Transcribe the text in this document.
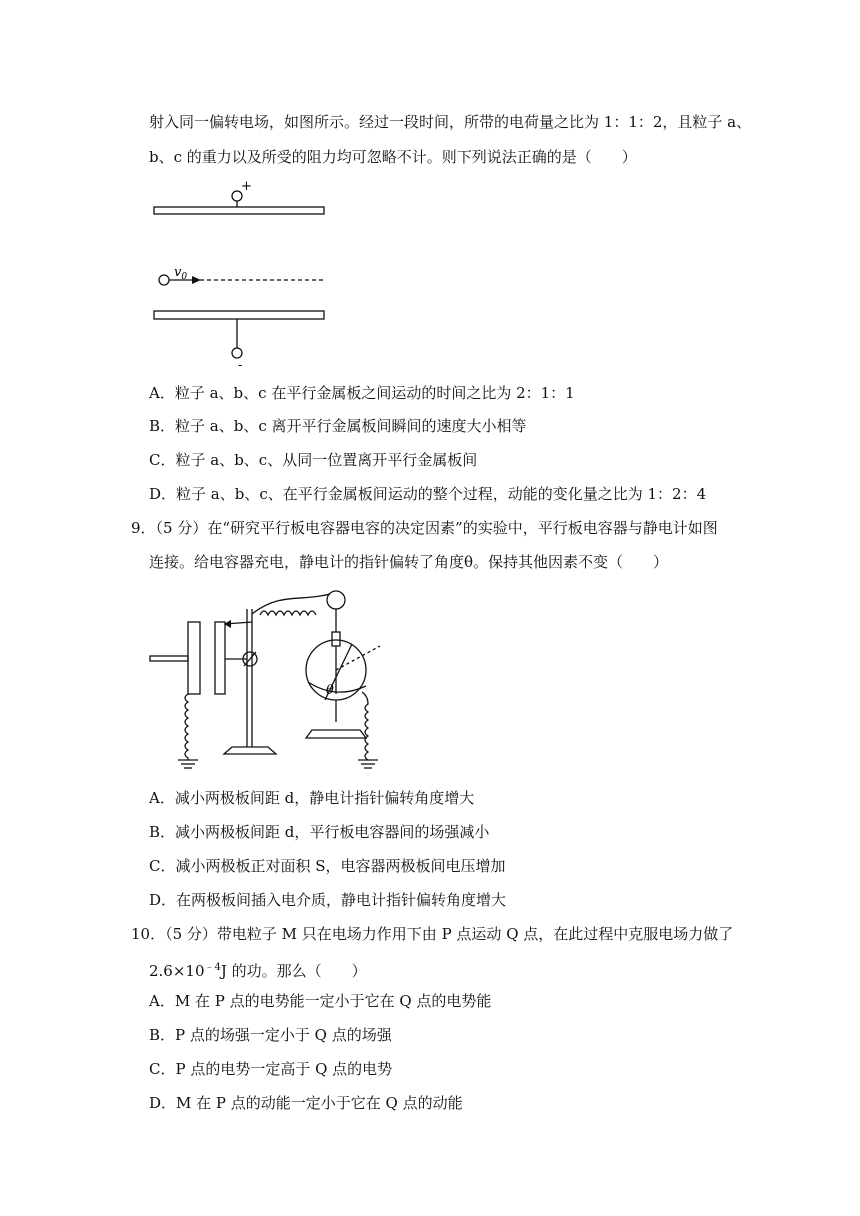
射入同一偏转电场，如图所示。经过一段时间，所带的电荷量之比为 1：1：2，且粒子 a、
b、c 的重力以及所受的阻力均可忽略不计。则下列说法正确的是（　　）
+
-
$v_0$
A．粒子 a、b、c 在平行金属板之间运动的时间之比为 2：1：1
B．粒子 a、b、c 离开平行金属板间瞬间的速度大小相等
C．粒子 a、b、c、从同一位置离开平行金属板间
D．粒子 a、b、c、在平行金属板间运动的整个过程，动能的变化量之比为 1：2：4
9．（5 分）在“研究平行板电容器电容的决定因素”的实验中，平行板电容器与静电计如图
连接。给电容器充电，静电计的指针偏转了角度θ。保持其他因素不变（　　）
θ
A．减小两极板间距 d，静电计指针偏转角度增大
B．减小两极板间距 d，平行板电容器间的场强减小
C．减小两极板正对面积 S，电容器两极板间电压增加
D．在两极板间插入电介质，静电计指针偏转角度增大
10．（5 分）带电粒子 M 只在电场力作用下由 P 点运动 Q 点，在此过程中克服电场力做了
$2.6\times 10^{﹣4}J$ 的功。那么（　　）
A．M 在 P 点的电势能一定小于它在 Q 点的电势能
B．P 点的场强一定小于 Q 点的场强
C．P 点的电势一定高于 Q 点的电势
D．M 在 P 点的动能一定小于它在 Q 点的动能
